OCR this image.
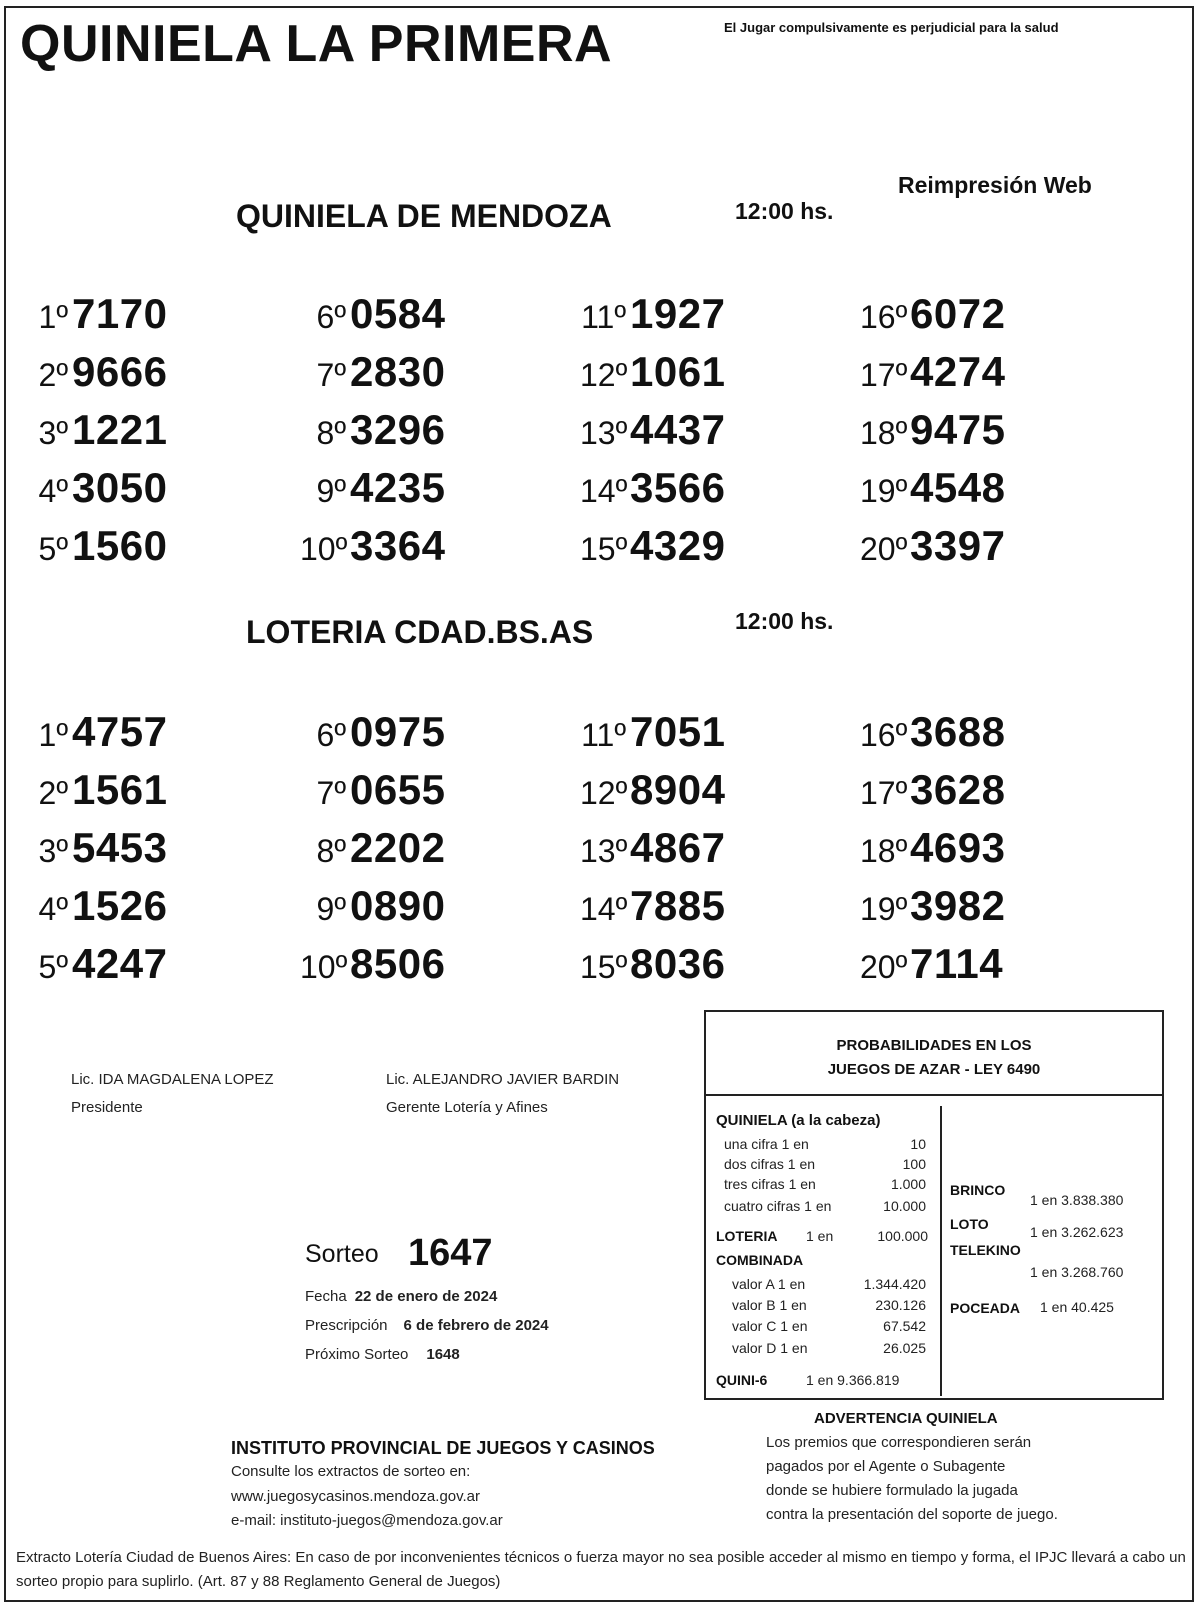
QUINIELA LA PRIMERA	El Jugar compulsivamente es perjudicial para la salud
Reimpresión Web
QUINIELA DE MENDOZA	12:00 hs.
1º 7170
2º 9666
3º 1221
4º 3050
5º 1560
6º 0584
7º 2830
8º 3296
9º 4235
10º 3364
11º 1927
12º 1061
13º 4437
14º 3566
15º 4329
16º 6072
17º 4274
18º 9475
19º 4548
20º 3397
LOTERIA CDAD.BS.AS	12:00 hs.
1º 4757
2º 1561
3º 5453
4º 1526
5º 4247
6º 0975
7º 0655
8º 2202
9º 0890
10º 8506
11º 7051
12º 8904
13º 4867
14º 7885
15º 8036
16º 3688
17º 3628
18º 4693
19º 3982
20º 7114
Lic. IDA MAGDALENA LOPEZ
Presidente
Lic. ALEJANDRO JAVIER BARDIN
Gerente Lotería y Afines
Sorteo 1647
Fecha 22 de enero de 2024
Prescripción 6 de febrero de 2024
Próximo Sorteo 1648
PROBABILIDADES EN LOS
JUEGOS DE AZAR - LEY 6490
QUINIELA (a la cabeza)
una cifra 1 en	10
dos cifras 1 en	100
tres cifras 1 en	1.000
cuatro cifras 1 en	10.000
LOTERIA 1 en	100.000
COMBINADA
valor A 1 en	1.344.420
valor B 1 en	230.126
valor C 1 en	67.542
valor D 1 en	26.025
QUINI-6	1 en 9.366.819
BRINCO
1 en 3.838.380
LOTO	1 en 3.262.623
TELEKINO
1 en 3.268.760
POCEADA 1 en 40.425
INSTITUTO PROVINCIAL DE JUEGOS Y CASINOS
Consulte los extractos de sorteo en:
www.juegosycasinos.mendoza.gov.ar
e-mail: instituto-juegos@mendoza.gov.ar
ADVERTENCIA QUINIELA
Los premios que correspondieren serán
pagados por el Agente o Subagente
donde se hubiere formulado la jugada
contra la presentación del soporte de juego.
Extracto Lotería Ciudad de Buenos Aires: En caso de por inconvenientes técnicos o fuerza mayor no sea posible acceder al mismo en tiempo y forma, el IPJC llevará a cabo un sorteo propio para suplirlo. (Art. 87 y 88 Reglamento General de Juegos)
